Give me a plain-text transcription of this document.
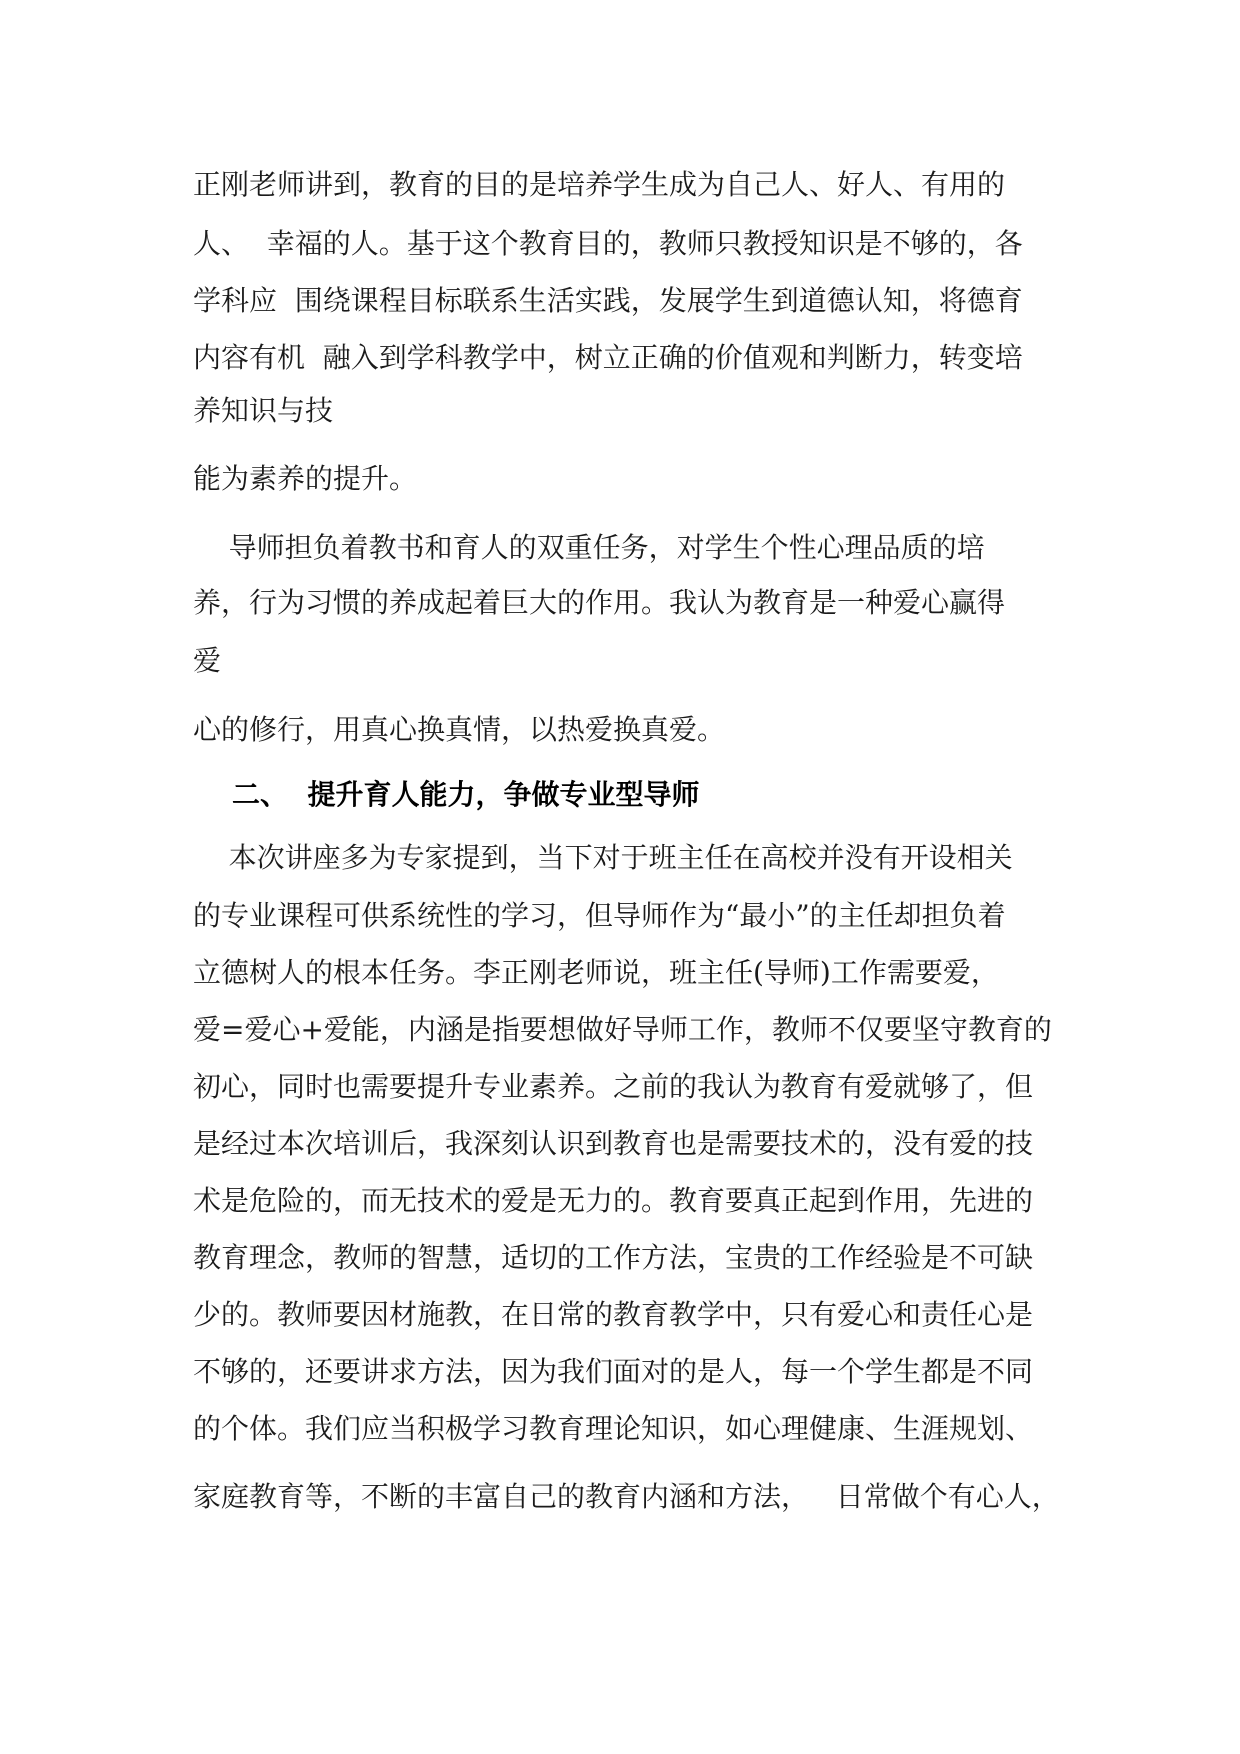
正刚老师讲到，教育的目的是培养学生成为自己人、好人、有用的
人、  幸福的人。基于这个教育目的，教师只教授知识是不够的，各
学科应  围绕课程目标联系生活实践，发展学生到道德认知，将德育
内容有机  融入到学科教学中，树立正确的价值观和判断力，转变培
养知识与技
能为素养的提升。
导师担负着教书和育人的双重任务，对学生个性心理品质的培
养，行为习惯的养成起着巨大的作用。我认为教育是一种爱心赢得
爱
心的修行，用真心换真情，以热爱换真爱。
二、  提升育人能力，争做专业型导师
本次讲座多为专家提到，当下对于班主任在高校并没有开设相关
的专业课程可供系统性的学习，但导师作为“最小”的主任却担负着
立德树人的根本任务。李正刚老师说，班主任(导师)工作需要爱，
爱=爱心+爱能，内涵是指要想做好导师工作，教师不仅要坚守教育的
初心，同时也需要提升专业素养。之前的我认为教育有爱就够了，但
是经过本次培训后，我深刻认识到教育也是需要技术的，没有爱的技
术是危险的，而无技术的爱是无力的。教育要真正起到作用，先进的
教育理念，教师的智慧，适切的工作方法，宝贵的工作经验是不可缺
少的。教师要因材施教，在日常的教育教学中，只有爱心和责任心是
不够的，还要讲求方法，因为我们面对的是人，每一个学生都是不同
的个体。我们应当积极学习教育理论知识，如心理健康、生涯规划、
家庭教育等，不断的丰富自己的教育内涵和方法，   日常做个有心人，
